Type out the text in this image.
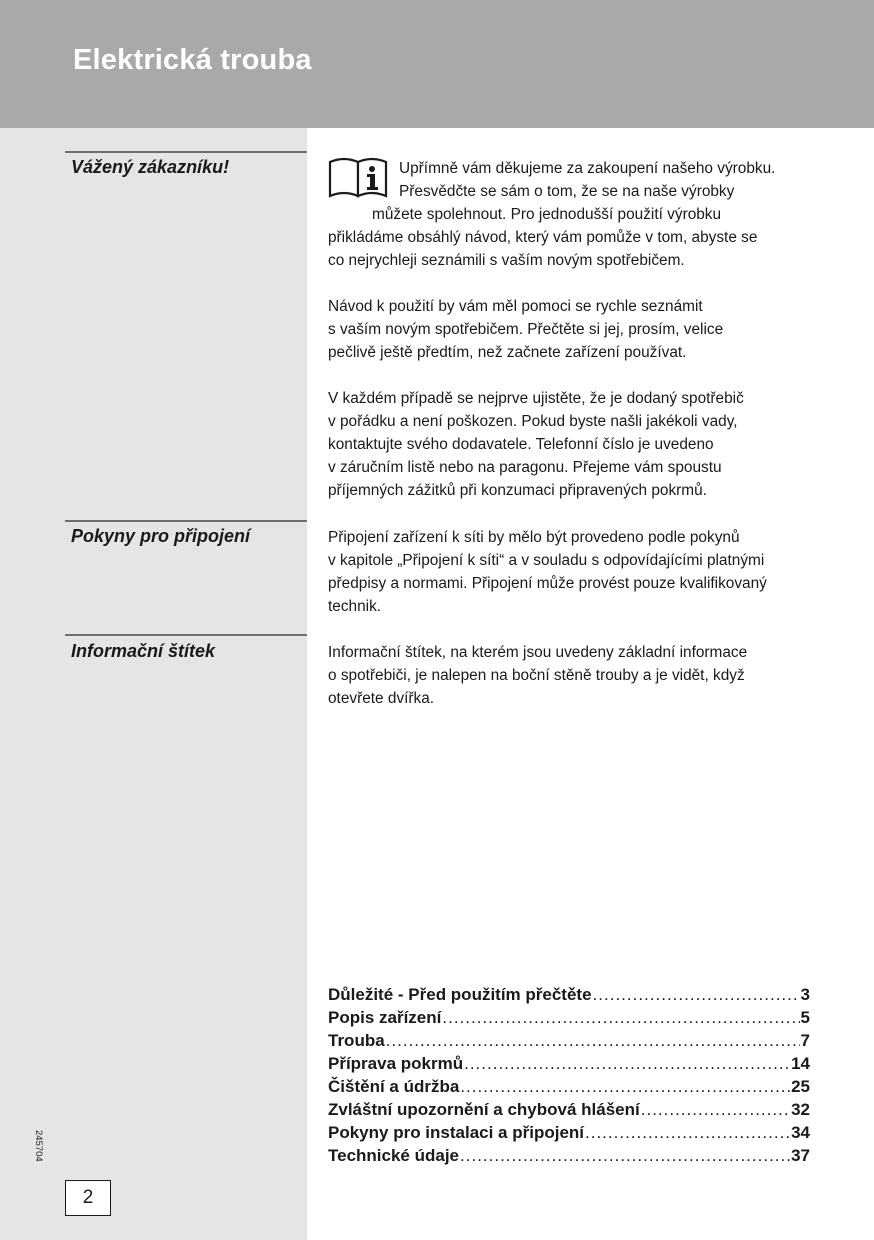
Elektrická trouba
Vážený zákazníku!	Upřímně vám děkujeme za zakoupení našeho výrobku.
Přesvědčte se sám o tom, že se na naše výrobky
můžete spolehnout. Pro jednodušší použití výrobku
přikládáme obsáhlý návod, který vám pomůže v tom, abyste se
co nejrychleji seznámili s vaším novým spotřebičem.
Návod k použití by vám měl pomoci se rychle seznámit
s vaším novým spotřebičem. Přečtěte si jej, prosím, velice
pečlivě ještě předtím, než začnete zařízení používat.
V každém případě se nejprve ujistěte, že je dodaný spotřebič
v pořádku a není poškozen. Pokud byste našli jakékoli vady,
kontaktujte svého dodavatele. Telefonní číslo je uvedeno
v záručním listě nebo na paragonu. Přejeme vám spoustu
příjemných zážitků při konzumaci připravených pokrmů.
Pokyny pro připojení	Připojení zařízení k síti by mělo být provedeno podle pokynů
v kapitole „Připojení k síti“ a v souladu s odpovídajícími platnými
předpisy a normami. Připojení může provést pouze kvalifikovaný
technik.
Informační štítek	Informační štítek, na kterém jsou uvedeny základní informace
o spotřebiči, je nalepen na boční stěně trouby a je vidět, když
otevřete dvířka.
Důležité - Před použitím přečtěte .....	3
Popis zařízení .....	5
Trouba .....	7
Příprava pokrmů .....	14
Čištění a údržba .....	25
Zvláštní upozornění a chybová hlášení .....	32
Pokyny pro instalaci a připojení .....	34
Technické údaje .....	37
245704
2
